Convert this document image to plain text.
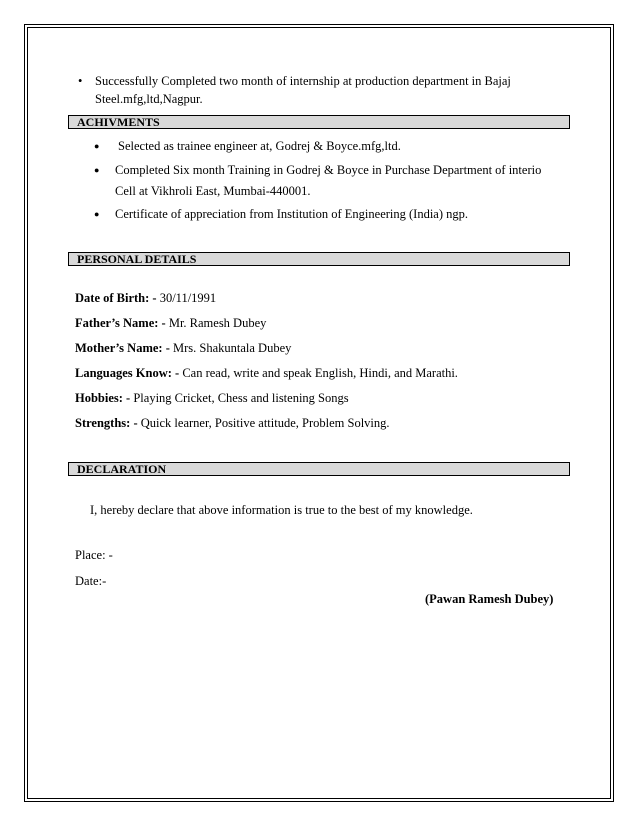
• Successfully Completed two month of internship at production department in Bajaj
Steel.mfg,ltd,Nagpur.
ACHIVMENTS
● Selected as trainee engineer at, Godrej & Boyce.mfg,ltd.
● Completed Six month Training in Godrej & Boyce in Purchase Department of interio
Cell at Vikhroli East, Mumbai-440001.
● Certificate of appreciation from Institution of Engineering (India) ngp.
PERSONAL DETAILS
Date of Birth: - 30/11/1991
Father’s Name: - Mr. Ramesh Dubey
Mother’s Name: - Mrs. Shakuntala Dubey
Languages Know: - Can read, write and speak English, Hindi, and Marathi.
Hobbies: - Playing Cricket, Chess and listening Songs
Strengths: - Quick learner, Positive attitude, Problem Solving.
DECLARATION
I, hereby declare that above information is true to the best of my knowledge.
Place: -
Date:-
(Pawan Ramesh Dubey)
